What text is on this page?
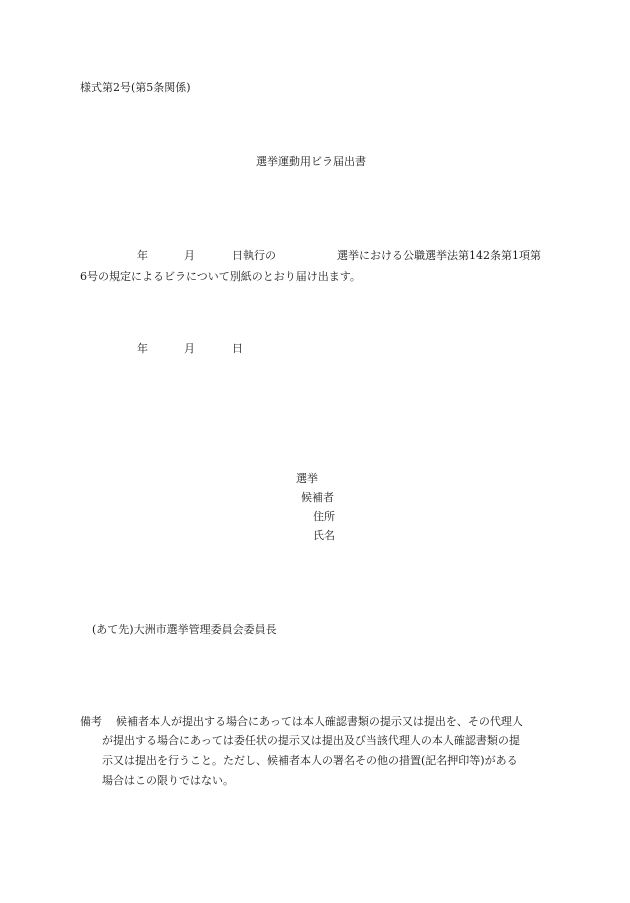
様式第2号(第5条関係)
選挙運動用ビラ届出書
年	月	日執行の	選挙における公職選挙法第142条第1項第
6号の規定によるビラについて別紙のとおり届け出ます。
年	月	日
選挙
候補者
住所
氏名
(あて先)大洲市選挙管理委員会委員長
備考 候補者本人が提出する場合にあっては本人確認書類の提示又は提出を、その代理人
が提出する場合にあっては委任状の提示又は提出及び当該代理人の本人確認書類の提
示又は提出を行うこと。ただし、候補者本人の署名その他の措置(記名押印等)がある
場合はこの限りではない。
